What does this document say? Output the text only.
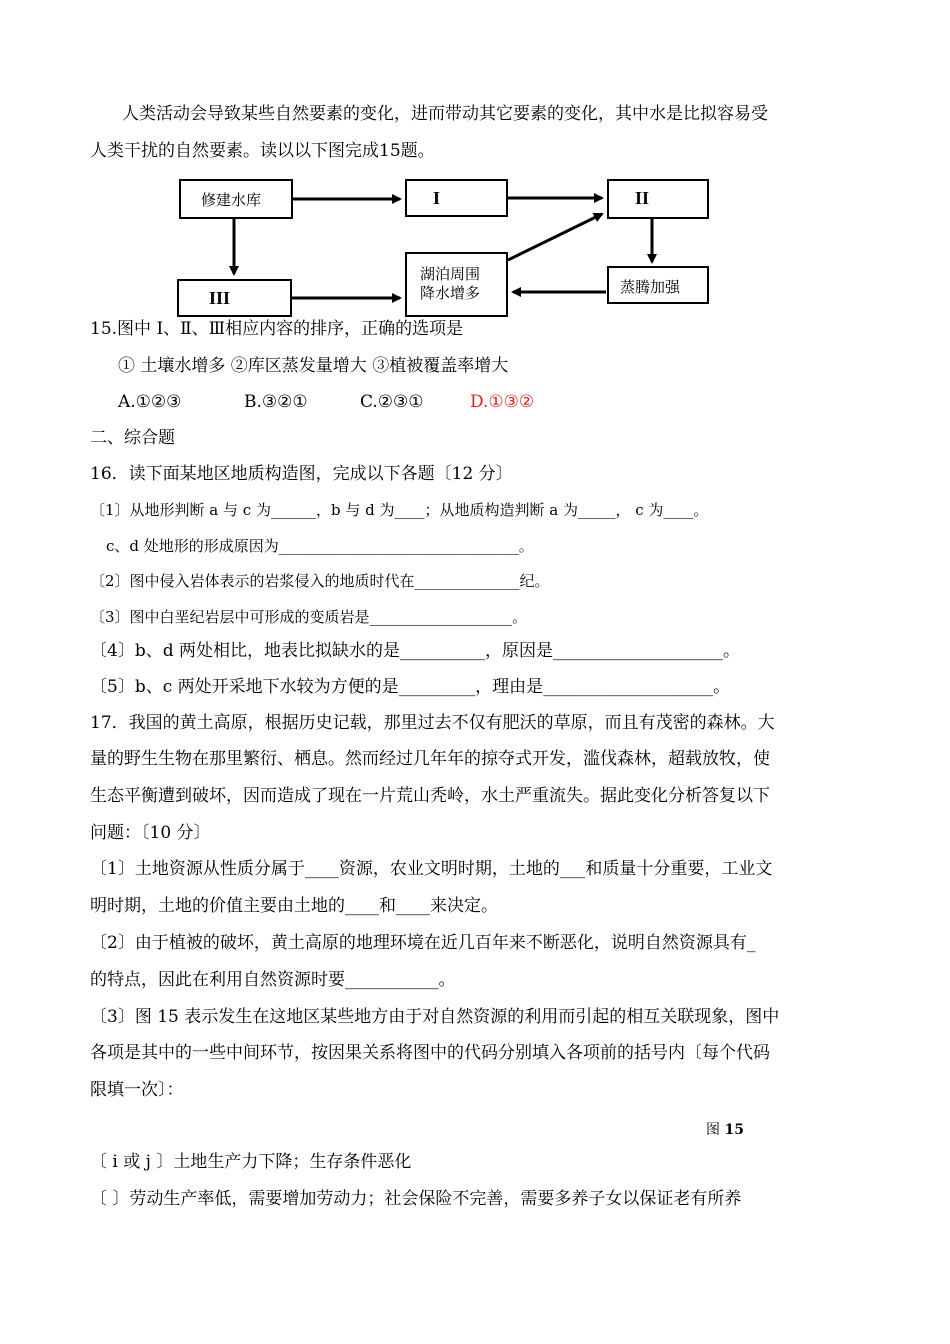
人类活动会导致某些自然要素的变化，进而带动其它要素的变化，其中水是比拟容易受
人类干扰的自然要素。读以以下图完成15题。
修建水库	I	II
湖泊周围
降水增多	蒸腾加强
III
15.图中 I、Ⅱ、Ⅲ相应内容的排序，正确的选项是
① 土壤水增多 ②库区蒸发量增大 ③植被覆盖率增大
A.①②③	B.③②①	C.②③①	D.①③②
二、综合题
16．读下面某地区地质构造图，完成以下各题〔12 分〕
〔1〕从地形判断 a 与 c 为______，b 与 d 为____；从地质构造判断 a 为_____， c 为____。
c、d 处地形的形成原因为________________________________。
〔2〕图中侵入岩体表示的岩浆侵入的地质时代在______________纪。
〔3〕图中白垩纪岩层中可形成的变质岩是___________________。
〔4〕b、d 两处相比，地表比拟缺水的是__________，原因是____________________。
〔5〕b、c 两处开采地下水较为方便的是_________，理由是____________________。
17．我国的黄土高原，根据历史记载，那里过去不仅有肥沃的草原，而且有茂密的森林。大
量的野生生物在那里繁衍、栖息。然而经过几年年的掠夺式开发，滥伐森林，超载放牧，使
生态平衡遭到破坏，因而造成了现在一片荒山秃岭，水土严重流失。据此变化分析答复以下
问题：〔10 分〕
〔1〕土地资源从性质分属于____资源，农业文明时期，土地的___和质量十分重要，工业文
明时期，土地的价值主要由土地的____和____来决定。
〔2〕由于植被的破坏，黄土高原的地理环境在近几百年来不断恶化，说明自然资源具有_
的特点，因此在利用自然资源时要___________。
〔3〕图 15 表示发生在这地区某些地方由于对自然资源的利用而引起的相互关联现象，图中
各项是其中的一些中间环节，按因果关系将图中的代码分别填入各项前的括号内〔每个代码
限填一次〕：
图 15
〔 i 或 j 〕土地生产力下降；生存条件恶化
〔 〕劳动生产率低，需要增加劳动力；社会保险不完善，需要多养子女以保证老有所养
